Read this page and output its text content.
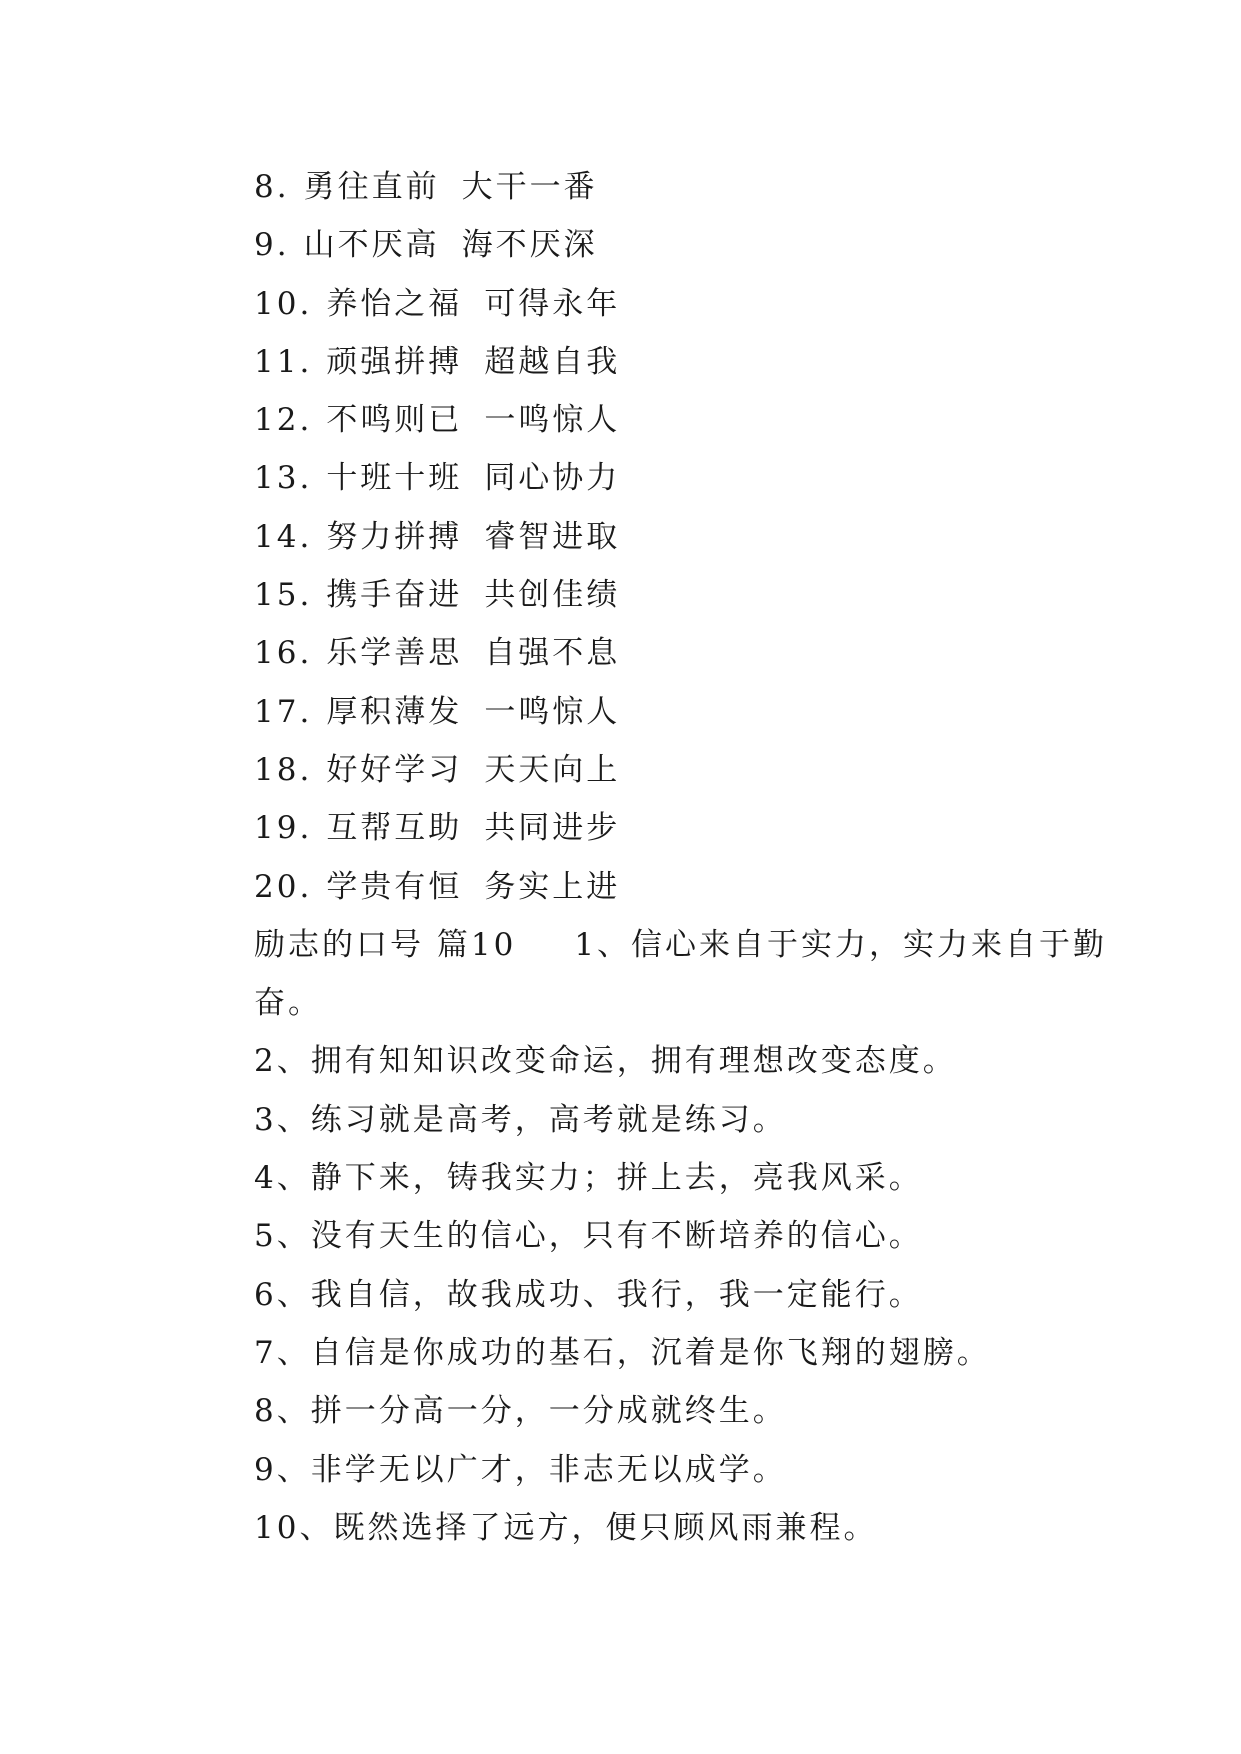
8. 勇往直前 大干一番
9. 山不厌高 海不厌深
10. 养怡之福 可得永年
11. 顽强拼搏 超越自我
12. 不鸣则已 一鸣惊人
13. 十班十班 同心协力
14. 努力拼搏 睿智进取
15. 携手奋进 共创佳绩
16. 乐学善思 自强不息
17. 厚积薄发 一鸣惊人
18. 好好学习 天天向上
19. 互帮互助 共同进步
20. 学贵有恒 务实上进
励志的口号 篇10 1、信心来自于实力，实力来自于勤奋。
2、拥有知知识改变命运，拥有理想改变态度。
3、练习就是高考，高考就是练习。
4、静下来，铸我实力；拼上去，亮我风采。
5、没有天生的信心，只有不断培养的信心。
6、我自信，故我成功、我行，我一定能行。
7、自信是你成功的基石，沉着是你飞翔的翅膀。
8、拼一分高一分，一分成就终生。
9、非学无以广才，非志无以成学。
10、既然选择了远方，便只顾风雨兼程。
